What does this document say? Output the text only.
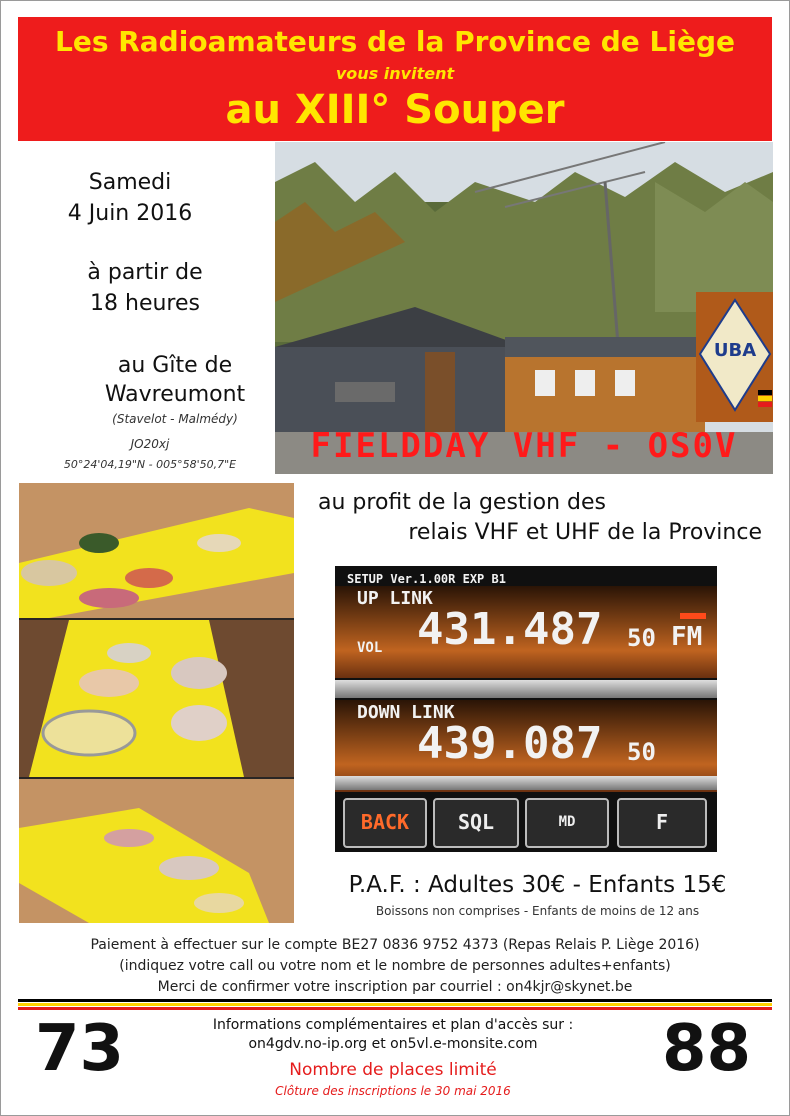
Les Radioamateurs de la Province de Liège
vous invitent
au XIII° Souper
Samedi
4 Juin 2016
à partir de
18 heures
au Gîte de
Wavreumont
(Stavelot - Malmédy)
JO20xj
50°24'04,19"N - 005°58'50,7"E
UBA
FIELDDAY VHF - OS0V
au profit de la gestion des
relais VHF et UHF de la Province
SETUP Ver.1.00R EXP B1
UP LINK
VOL 431.487 50 FM
DOWN LINK
439.087 50
BACK	SQL	MD	F
P.A.F. : Adultes 30€ - Enfants 15€
Boissons non comprises - Enfants de moins de 12 ans
Paiement à effectuer sur le compte BE27 0836 9752 4373 (Repas Relais P. Liège 2016)
(indiquez votre call ou votre nom et le nombre de personnes adultes+enfants)
Merci de confirmer votre inscription par courriel : on4kjr@skynet.be
73	88
Informations complémentaires et plan d'accès sur :
on4gdv.no-ip.org et on5vl.e-monsite.com
Nombre de places limité
Clôture des inscriptions le 30 mai 2016
